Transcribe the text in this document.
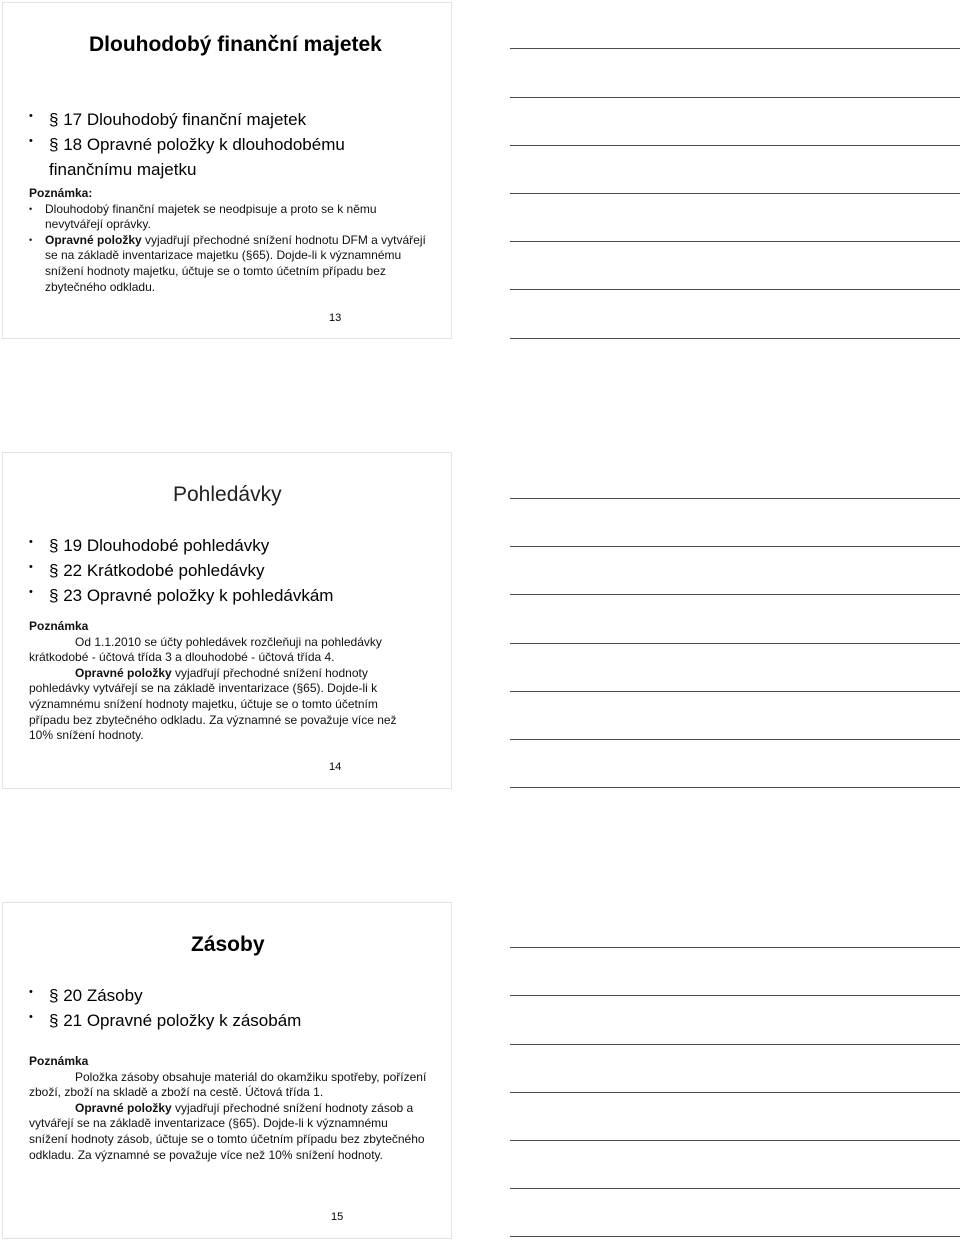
Dlouhodobý finanční majetek
• § 17 Dlouhodobý finanční majetek
• § 18 Opravné položky k dlouhodobému finančnímu majetku
Poznámka:
•	Dlouhodobý finanční majetek se neodpisuje a proto se k němu nevytvářejí oprávky.
•	Opravné položky vyjadřují přechodné snížení hodnotu DFM a vytvářejí se na základě inventarizace majetku (§65). Dojde-li k významnému snížení hodnoty majetku, účtuje se o tomto účetním případu bez zbytečného odkladu.
13
Pohledávky
• § 19 Dlouhodobé pohledávky
• § 22 Krátkodobé pohledávky
• § 23 Opravné položky k pohledávkám
Poznámka

Od 1.1.2010 se účty pohledávek rozčleňuji na pohledávky krátkodobé - účtová třída 3 a dlouhodobé - účtová třída 4.

Opravné položky vyjadřují přechodné snížení hodnoty pohledávky vytvářejí se na základě inventarizace (§65). Dojde-li k významnému snížení hodnoty majetku, účtuje se o tomto účetním případu bez zbytečného odkladu. Za významné se považuje více než 10% snížení hodnoty.

14
Zásoby
• § 20 Zásoby
• § 21 Opravné položky k zásobám
Poznámka

Položka zásoby obsahuje materiál do okamžiku spotřeby, pořízení zboží, zboží na skladě a zboží na cestě. Účtová třída 1.

Opravné položky vyjadřují přechodné snížení hodnoty zásob a vytvářejí se na základě inventarizace (§65). Dojde-li k významnému snížení hodnoty zásob, účtuje se o tomto účetním případu bez zbytečného odkladu. Za významné se považuje více než 10% snížení hodnoty.

15
